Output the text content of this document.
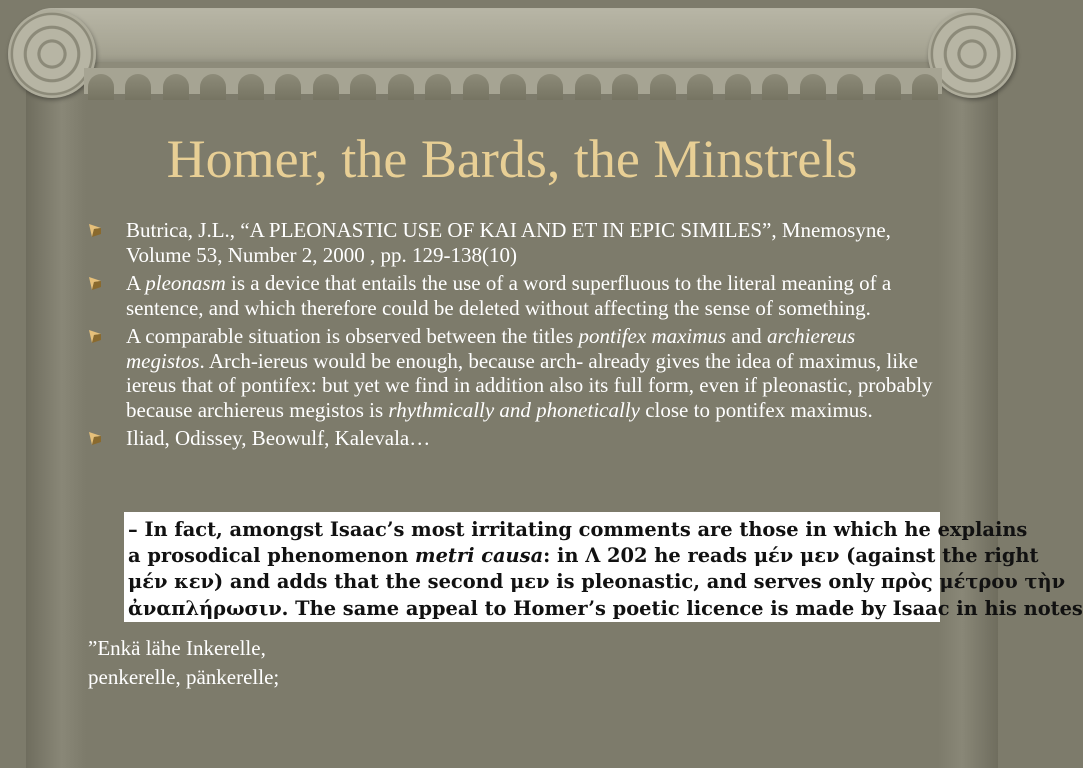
Homer, the Bards, the Minstrels
Butrica, J.L., “A PLEONASTIC USE OF KAI AND ET IN EPIC SIMILES”, Mnemosyne, Volume 53, Number 2, 2000 , pp. 129-138(10)
A pleonasm is a device that entails the use of a word superfluous to the literal meaning of a sentence, and which therefore could be deleted without affecting the sense of something.
A comparable situation is observed between the titles pontifex maximus and archiereus megistos. Arch-iereus would be enough, because arch- already gives the idea of maximus, like iereus that of pontifex: but yet we find in addition also its full form, even if pleonastic, probably because archiereus megistos is rhythmically and phonetically close to pontifex maximus.
Iliad, Odissey, Beowulf, Kalevala…
– In fact, amongst Isaac’s most irritating comments are those in which he explains
a prosodical phenomenon metri causa: in Λ 202 he reads μέν μεν (against the right
μέν κεν) and adds that the second μεν is pleonastic, and serves only πρὸς μέτρου τὴν
ἀναπλήρωσιν. The same appeal to Homer’s poetic licence is made by Isaac in his notes
”Enkä lähe Inkerelle,
penkerelle, pänkerelle;
